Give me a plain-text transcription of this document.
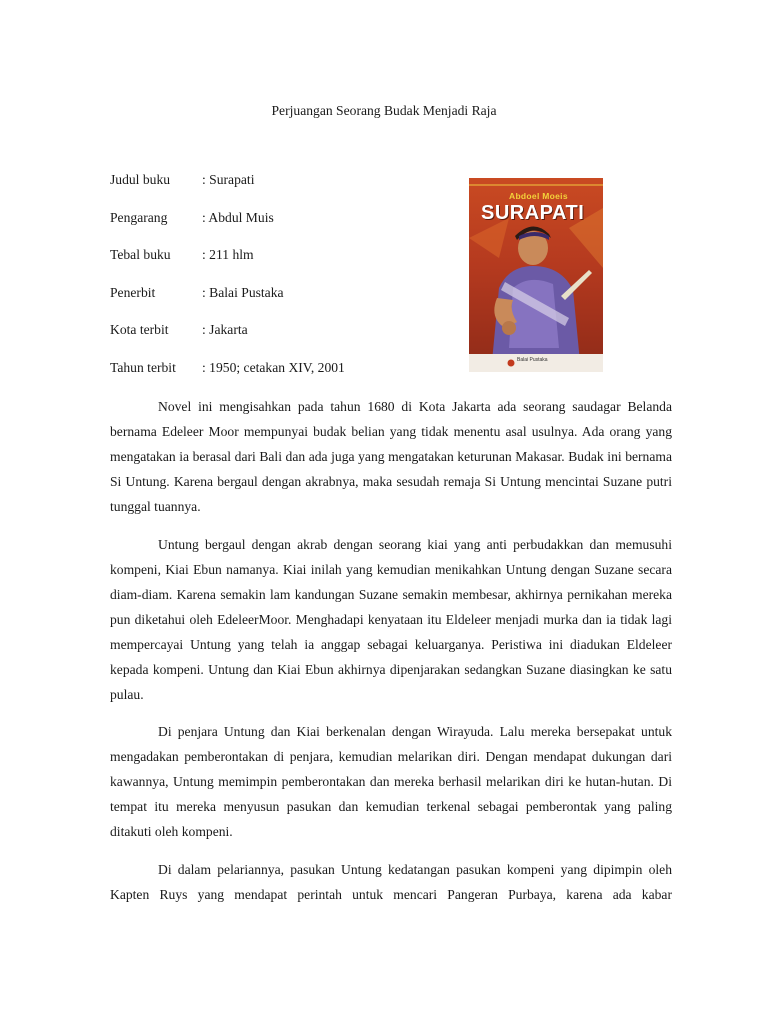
Perjuangan Seorang Budak Menjadi Raja
Judul buku : Surapati
Pengarang	: Abdul Muis
Tebal buku : 211 hlm
Penerbit	: Balai Pustaka
Kota terbit : Jakarta
Tahun terbit : 1950; cetakan XIV, 2001
Abdoel Moeis
SURAPATI
Balai Pustaka

Novel ini mengisahkan pada tahun 1680 di Kota Jakarta ada seorang saudagar Belanda bernama Edeleer Moor mempunyai budak belian yang tidak menentu asal usulnya. Ada orang yang mengatakan ia berasal dari Bali dan ada juga yang mengatakan keturunan Makasar. Budak ini bernama Si Untung. Karena bergaul dengan akrabnya, maka sesudah remaja Si Untung mencintai Suzane putri tunggal tuannya.

Untung bergaul dengan akrab dengan seorang kiai yang anti perbudakkan dan memusuhi kompeni, Kiai Ebun namanya. Kiai inilah yang kemudian menikahkan Untung dengan Suzane secara diam-diam. Karena semakin lam kandungan Suzane semakin membesar, akhirnya pernikahan mereka pun diketahui oleh EdeleerMoor. Menghadapi kenyataan itu Eldeleer menjadi murka dan ia tidak lagi mempercayai Untung yang telah ia anggap sebagai keluarganya. Peristiwa ini diadukan Eldeleer kepada kompeni. Untung dan Kiai Ebun akhirnya dipenjarakan sedangkan Suzane diasingkan ke satu pulau.

Di penjara Untung dan Kiai berkenalan dengan Wirayuda. Lalu mereka bersepakat untuk mengadakan pemberontakan di penjara, kemudian melarikan diri. Dengan mendapat dukungan dari kawannya, Untung memimpin pemberontakan dan mereka berhasil melarikan diri ke hutan-hutan. Di tempat itu mereka menyusun pasukan dan kemudian terkenal sebagai pemberontak yang paling ditakuti oleh kompeni.

Di dalam pelariannya, pasukan Untung kedatangan pasukan kompeni yang dipimpin oleh Kapten Ruys yang mendapat perintah untuk mencari Pangeran Purbaya, karena ada kabar
